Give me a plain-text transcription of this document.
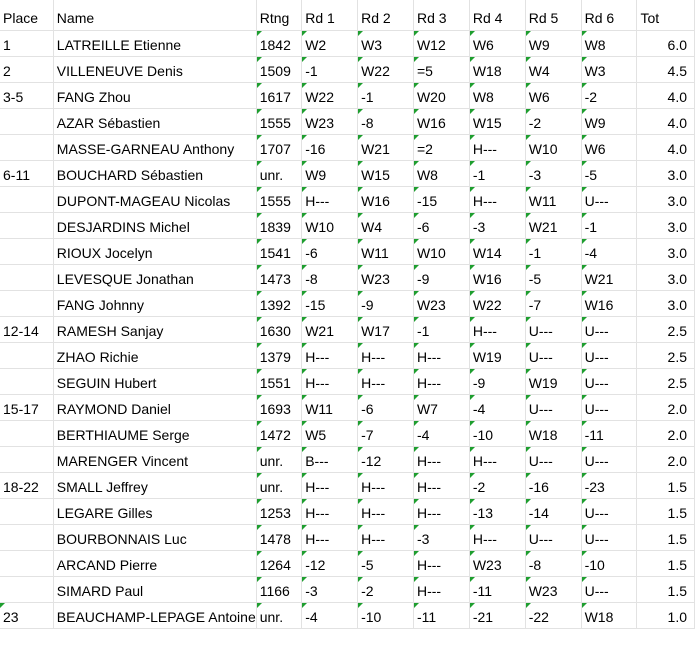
Place	Name	Rtng	Rd 1	Rd 2	Rd 3	Rd 4	Rd 5	Rd 6	Tot
1	LATREILLE Etienne	1842	W2	W3	W12	W6	W9	W8	6.0
2	VILLENEUVE Denis	1509	-1	W22	=5	W18	W4	W3	4.5
3-5	FANG Zhou	1617	W22	-1	W20	W8	W6	-2	4.0
	AZAR Sébastien	1555	W23	-8	W16	W15	-2	W9	4.0
	MASSE-GARNEAU Anthony	1707	-16	W21	=2	H---	W10	W6	4.0
6-11	BOUCHARD Sébastien	unr.	W9	W15	W8	-1	-3	-5	3.0
	DUPONT-MAGEAU Nicolas	1555	H---	W16	-15	H---	W11	U---	3.0
	DESJARDINS Michel	1839	W10	W4	-6	-3	W21	-1	3.0
	RIOUX Jocelyn	1541	-6	W11	W10	W14	-1	-4	3.0
	LEVESQUE Jonathan	1473	-8	W23	-9	W16	-5	W21	3.0
	FANG Johnny	1392	-15	-9	W23	W22	-7	W16	3.0
12-14	RAMESH Sanjay	1630	W21	W17	-1	H---	U---	U---	2.5
	ZHAO Richie	1379	H---	H---	H---	W19	U---	U---	2.5
	SEGUIN Hubert	1551	H---	H---	H---	-9	W19	U---	2.5
15-17	RAYMOND Daniel	1693	W11	-6	W7	-4	U---	U---	2.0
	BERTHIAUME Serge	1472	W5	-7	-4	-10	W18	-11	2.0
	MARENGER Vincent	unr.	B---	-12	H---	H---	U---	U---	2.0
18-22	SMALL Jeffrey	unr.	H---	H---	H---	-2	-16	-23	1.5
	LEGARE Gilles	1253	H---	H---	H---	-13	-14	U---	1.5
	BOURBONNAIS Luc	1478	H---	H---	-3	H---	U---	U---	1.5
	ARCAND Pierre	1264	-12	-5	H---	W23	-8	-10	1.5
	SIMARD Paul	1166	-3	-2	H---	-11	W23	U---	1.5
23	BEAUCHAMP-LEPAGE Antoine	unr.	-4	-10	-11	-21	-22	W18	1.0
